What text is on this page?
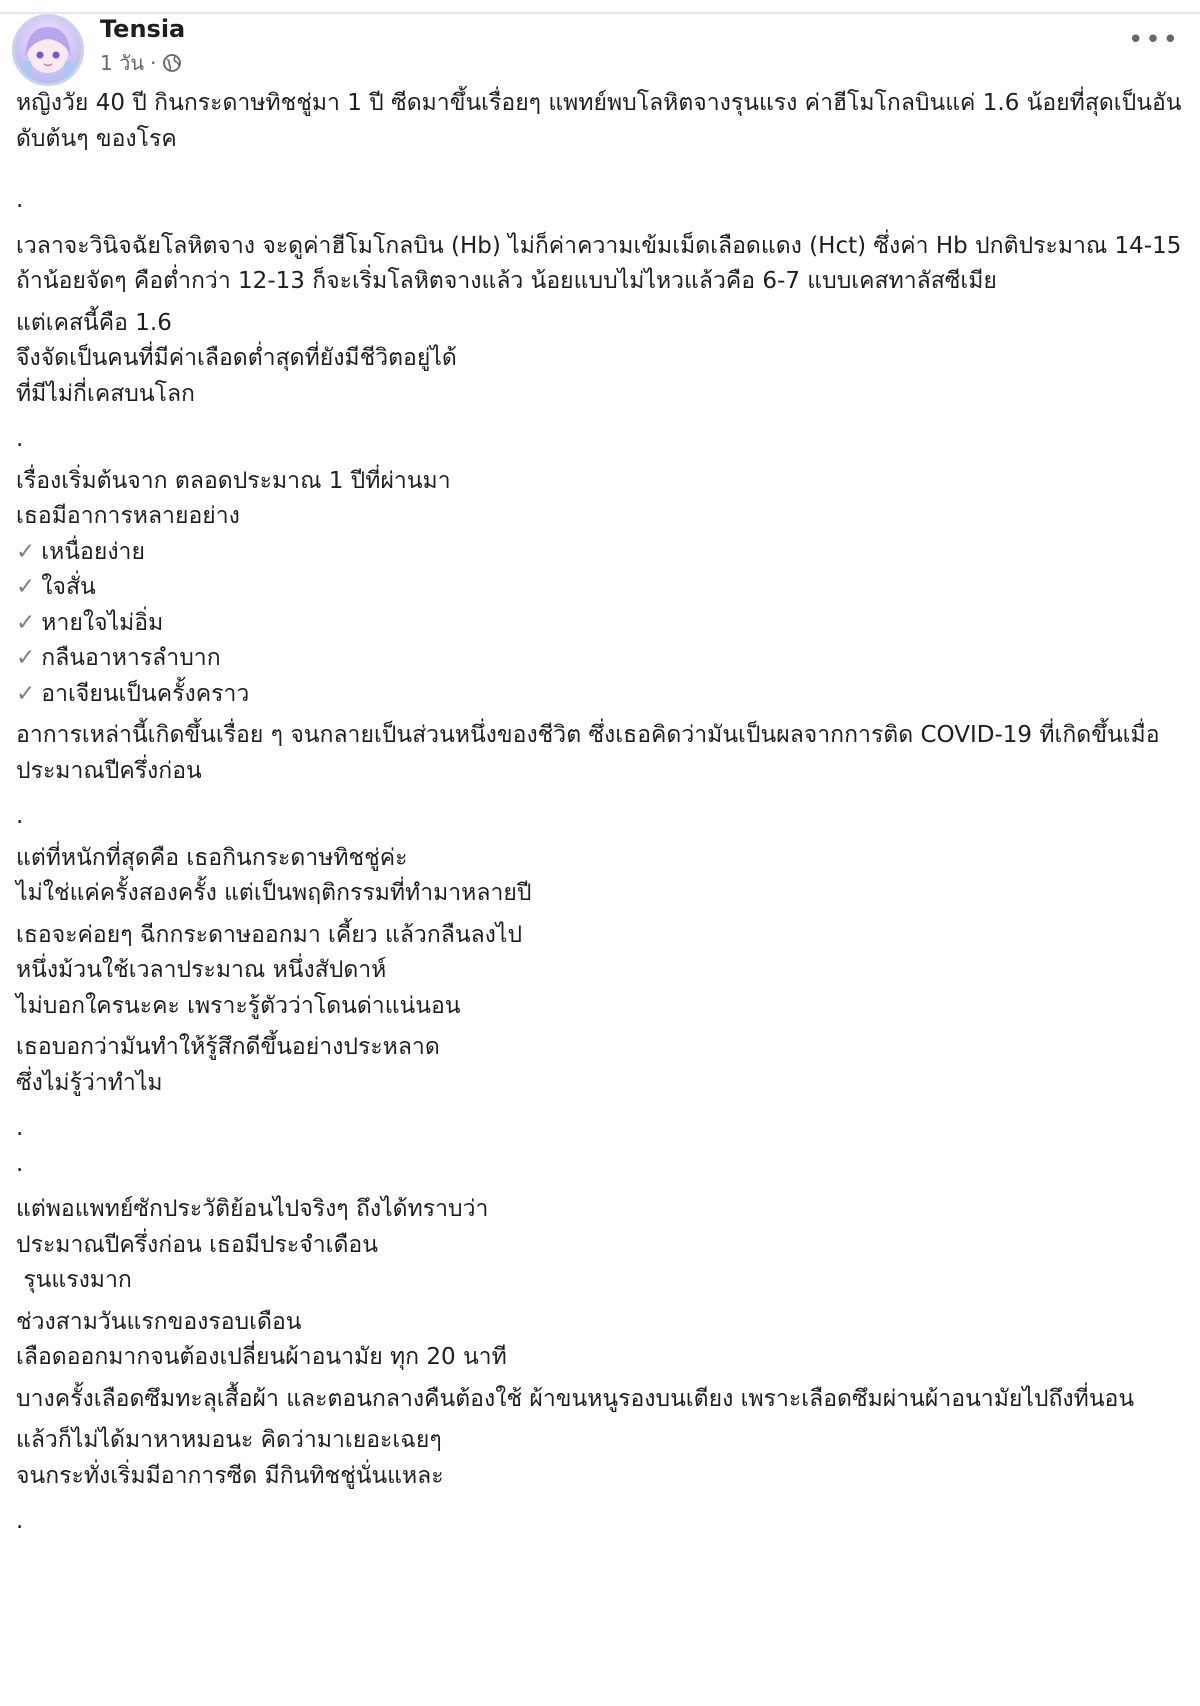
Tensia
1 วัน ·
•••

หญิงวัย 40 ปี กินกระดาษทิชชู่มา 1 ปี ซีดมาขึ้นเรื่อยๆ แพทย์พบโลหิตจางรุนแรง ค่าฮีโมโกลบินแค่ 1.6 น้อยที่สุดเป็นอันดับต้นๆ ของโรค

.

เวลาจะวินิจฉัยโลหิตจาง จะดูค่าฮีโมโกลบิน (Hb) ไม่ก็ค่าความเข้มเม็ดเลือดแดง (Hct) ซึ่งค่า Hb ปกติประมาณ 14-15 ถ้าน้อยจัดๆ คือต่ำกว่า 12-13 ก็จะเริ่มโลหิตจางแล้ว น้อยแบบไม่ไหวแล้วคือ 6-7 แบบเคสทาลัสซีเมีย

แต่เคสนี้คือ 1.6
จึงจัดเป็นคนที่มีค่าเลือดต่ำสุดที่ยังมีชีวิตอยู่ได้
ที่มีไม่กี่เคสบนโลก

.

เรื่องเริ่มต้นจาก ตลอดประมาณ 1 ปีที่ผ่านมา
เธอมีอาการหลายอย่าง

✓ เหนื่อยง่าย

✓ ใจสั่น

✓ หายใจไม่อิ่ม

✓ กลืนอาหารลำบาก

✓ อาเจียนเป็นครั้งคราว

อาการเหล่านี้เกิดขึ้นเรื่อย ๆ จนกลายเป็นส่วนหนึ่งของชีวิต ซึ่งเธอคิดว่ามันเป็นผลจากการติด COVID-19 ที่เกิดขึ้นเมื่อประมาณปีครึ่งก่อน

.

แต่ที่หนักที่สุดคือ เธอกินกระดาษทิชชู่ค่ะ
ไม่ใช่แค่ครั้งสองครั้ง แต่เป็นพฤติกรรมที่ทำมาหลายปี

เธอจะค่อยๆ ฉีกกระดาษออกมา เคี้ยว แล้วกลืนลงไป
หนึ่งม้วนใช้เวลาประมาณ หนึ่งสัปดาห์
ไม่บอกใครนะคะ เพราะรู้ตัวว่าโดนด่าแน่นอน

เธอบอกว่ามันทำให้รู้สึกดีขึ้นอย่างประหลาด
ซึ่งไม่รู้ว่าทำไม

.

.

แต่พอแพทย์ซักประวัติย้อนไปจริงๆ ถึงได้ทราบว่า
ประมาณปีครึ่งก่อน เธอมีประจำเดือน
รุนแรงมาก

ช่วงสามวันแรกของรอบเดือน
เลือดออกมากจนต้องเปลี่ยนผ้าอนามัย ทุก 20 นาที

บางครั้งเลือดซึมทะลุเสื้อผ้า และตอนกลางคืนต้องใช้ ผ้าขนหนูรองบนเตียง เพราะเลือดซึมผ่านผ้าอนามัยไปถึงที่นอน

แล้วก็ไม่ได้มาหาหมอนะ คิดว่ามาเยอะเฉยๆ
จนกระทั่งเริ่มมีอาการซีด มีกินทิชชู่นั่นแหละ

.
